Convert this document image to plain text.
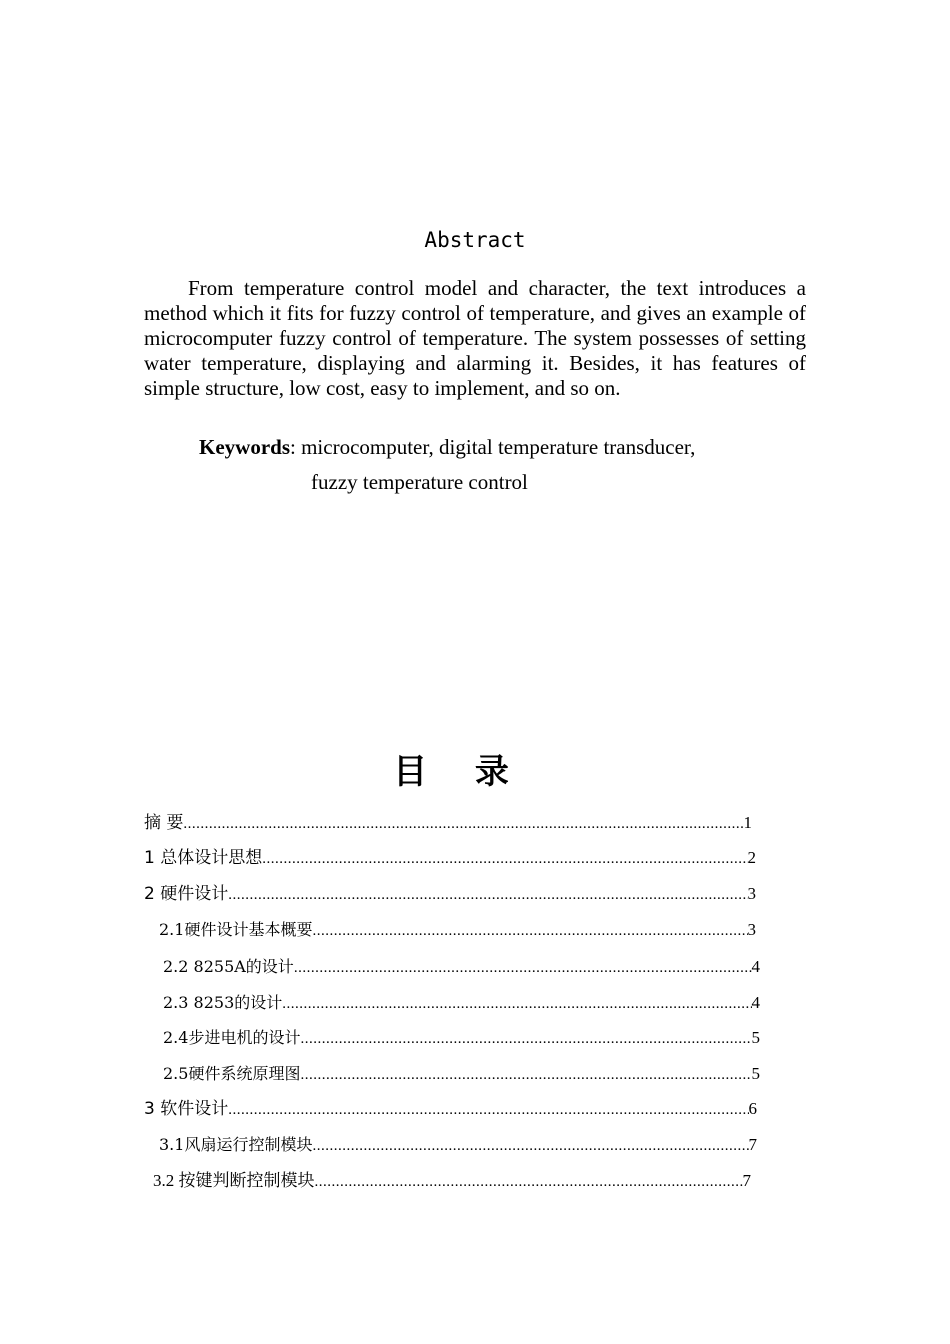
Abstract

From temperature control model and character, the text introduces a method which it fits for fuzzy control of temperature, and gives an example of microcomputer fuzzy control of temperature. The system possesses of setting water temperature, displaying and alarming it. Besides, it has features of simple structure, low cost, easy to implement, and so on.

Keywords: microcomputer, digital temperature transducer,
fuzzy temperature control
目 录
摘 要 .....	1
1 总体设计思想 .....	2
2 硬件设计 .....	3
2.1硬件设计基本概要 .....	3
2.2 8255A的设计 .....	4
2.3 8253的设计 .....	4
2.4步进电机的设计 .....	5
2.5硬件系统原理图 .....	5
3 软件设计 .....	6
3.1风扇运行控制模块 .....	7
3.2 按键判断控制模块 .....	7
